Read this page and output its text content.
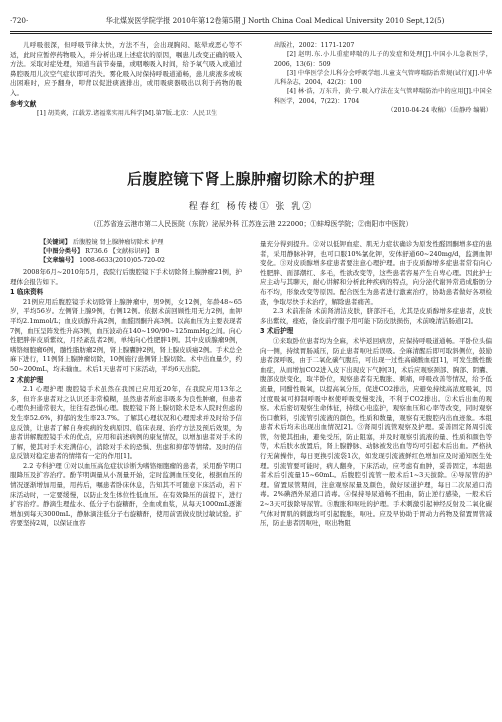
·720·	华北煤炭医学院学报 2010年第12卷第5期 J North China Coal Medical University 2010 Sept,12(5)

儿呼吸很深，但呼吸节律太快，方法不当，会出现胸闷、眩晕或恶心等不适，此时应暂停药物吸入，并分析出现上述症状的原因，嘱患儿改变正确的吸入方法。采取对症处理，知道当前节奏量，或咽喉吸入时间，给予氧气吸入或通过鼻腔吸用儿次空气症状即可消失。雾化吸入时保持呼吸道通畅，患儿痰液多或咳出困难时，应予翻身，叩背以促进痰液排出，或用吸痰器吸出以利于药物的吸入。

参考文献

[1] 胡美爽，江载芳.诸福棠实用儿科学[M].第7版.北京：人民卫生

出版社，2002：1171-1207

[2] 赵明.东.小儿重症哮喘的儿子的发症和处理[J].中国小儿急救医学，2006，13(6)：509

[3] 中华医学会儿科分会呼吸学组.儿童支气管哮喘防治常规(试行)[J].中华儿科杂志，2004，42(2)：100

[4] 林·浩，万东升，黄·宁.吸入疗法在支气管哮喘防治中的应用[J].中国全科医学，2004，7(22)：1704

（2010-04-24 收稿）（岳静玲 编辑）

后腹腔镜下肾上腺肿瘤切除术的护理
程春红 杨传楼① 张 乳②
（江苏省连云港市第二人民医院（东院）泌尿外科 江苏连云港 222000；①蚌埠医学院；②南阳市中医院）
【关键词】 后腹腔镜 肾上腺肿瘤切除术 护理
【中图分类号】 R736.6 【文献标识码】 B
【文章编号】 1008-6633(2010)05-720-02

2008年6月~2010年5月，我院行后腹腔镜下手术切除肾上腺肿瘤21例，护理体会报告如下。

1 临床资料

21例应用后腹腔镜手术切除肾上腺肿瘤中，男9例，女12例，年龄48~65岁，平均56岁。左侧肾上腺9例，右侧12例。依据术前回顾性用无力2例，血钾平均2.1mmol/L；血皮质醇升高2例，血醛固酮升高3例。以高血压为主要表现者7例，血压呈阵发性升高3例，血压波动在140~190/90~125mmHg之间。向心性肥胖伴皮质紫纹，月经紊乱者2例，单纯向心性肥胖1例。其中皮质腺瘤9例，嗜铬细胞瘤6例，髓性脂肪瘤2例，肾上腺囊肿2例，肾上腺皮质癌2例。手术总全麻下进行，11例肾上腺肿瘤切除，10例施行患侧肾上腺切除。术中出血量少，约50~200mL，均未输血。术后1天患者可下床活动，平均6天出院。

2 术前护理

2.1 心理护理 腹腔镜手术虽然在我国已应用近20年，在我院应用13年之多，但许多患者对之认识还非常模糊，虽然患者所虑非吸多为良性肿瘤，但患者心理负担通常很大，往往有恐惧心理。腹腔镜下肾上腺切除术是本人院时焦虑的发生率52.6%，抑郁的发生率23.7%。了解其心理状况和心理需求并及时给予信息反馈，让患者了解自身疾病的发病原因、临床表现、治疗方法及预后效果，为患者讲解腹腔镜手术的优点，应用和前述病例的康复情况，以增加患者对手术的了解，使其对手术充满信心，消除对手术的恐惧、焦虑和抑郁等情绪。及时的信息反馈对稳定患者的情绪有一定的作用[1]。

2.2 专科护理 ①对以血压高危症状诊断为嗜铬细胞瘤的患者，采用酚苄明口服降压及扩容治疗。酚苄明调量从小剂量开始，定时监测血压变化，根据血压的情况逐渐增加用量，用药后，嘱患者卧床休息，告知其不可随意下床活动，若下床活动时，一定要缓慢，以防止发生体位性低血压。在有效降压的前提下，进行扩容治疗。静滴生理盐水、低分子右旋糖酐，全血或血浆，从每天1000mL逐渐增加到每天3000mL，静脉滴注低分子右旋糖酐，使用前需做皮肤过敏试验。扩容要坚持2周，以保证血容

量充分得到提升。②对以低钾血症、肌无力症状确诊为原发性醛固酮增多症的患者，采用静脉补钾，也可口服10%氯化钾，安体舒通60~240mg/d，监测血钾变化。③对皮质醇增多症患者要注意心理护理。由于皮质醇增多症患者常有向心性肥胖、面部潮红、多毛，性欲改变等，这些患者容易产生自卑心理。因此护士应主动与其聊天，耐心讲解和分析此种疾病的特点，向分泌代谢异常造成脂肪分布不均，形象改变等原因。配合医生为患者进行激素治疗，协助患者做好各项检查，争取尽快手术治疗，解除患者痛苦。

2.3 术前准备 术前肾清洁皮肤，脐部汗毛，尤其是皮质醇增多症患者，皮肤多出紫纹，痤疮，备皮前疗服予用可能下防皮肤损伤，术前晚清洁肠道[2]。

3 术后护理

①来取卧位患者均为全麻，术毕返回病房，应保持呼吸道通畅。平卧位头偏向一侧，持续胃肠减压，防止患者呕吐后误吸。全麻清醒后即可取斜侧位，鼓励患者深呼吸，由于二氧化碳气腹后，可出现一过性高碳酸血症[1]，可发生酸性酸血症，从而增加CO2进入皮下出现皮下气肿[3]，术后应观察颈部、胸部、阴囊、腹部皮肤变化，取半卧位，观察患者有无腹胀、刺痛，呼吸改善等情况，给予低流量，同酣性吸氧，以提高氧分压，促进CO2排出，应避免持续高浓度吸氧，因过度吸氧可抑制呼吸中枢使呼吸变慢变浅，不利于CO2排出。②术后出血的观察。术后密切观察生命体征，持续心电监护，观察血压和心率等改变，同时观察伤口敷料，引流管引流液的颜色，性质和数量，观察有无腹腔内出血迹象。本组患者术后均未出现出血情况[2]。③肾周引流管观察及护理。妥善固定肾周引流管，勿使其扭曲，避免受压，防止阻塞，并及时观察引流液的量、性质和颜色等等，术后肤水放置后，肾上腺静脉、动脉被发出血等均可引起术后出血。严格执行无菌操作，每日更换引流袋1次，如发现引流液鲜红色增加应及时通知医生处理。引流管要可能时，病人翻身，下床活动，应考虑有血肿，妥善固定，本组患者术后引流量15~60mL。后腹腔引流管一般术后1~3天拔除。④导尿管的护理。留置尿管期间，注意观察尿量及颜色，做好尿道护理，每日二次尿道口消毒。2%碘酒外尿道口消毒。④保持导尿通畅不扭曲，防止逆行感染，一般术后2~3天可拔除导尿管。⑤腹胀和呕吐的护理。手术刺激引起神经反射及二氧化碳气体对胃肌的刺激均可引起腹胀，呕吐。应及早协助于胃动力药物及留置胃管减压，防止患者因呕吐，呕出物阻
